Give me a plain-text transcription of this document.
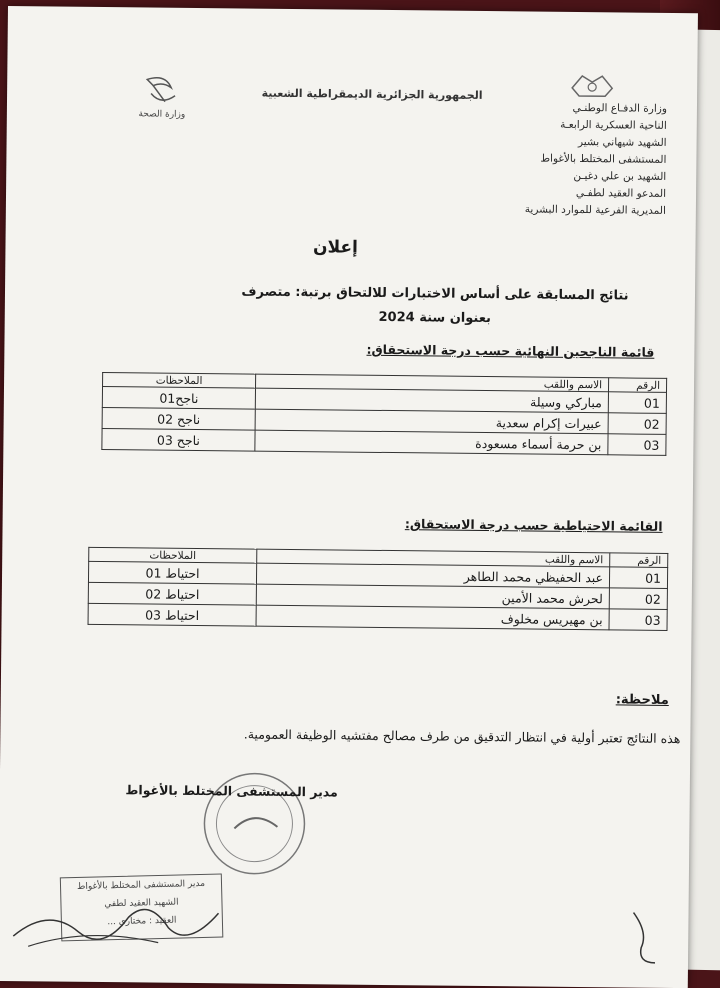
وزارة الدفـاع الوطنـي
الناحية العسكرية الرابعـة
الشهيد شيهاني بشير
المستشفى المختلط بالأغواط
الشهيد بن علي دغيـن
المدعو العقيد لطفـي
المديرية الفرعية للموارد البشرية
الجمهورية الجزائرية الديمقراطية الشعبية
وزارة الصحة
إعلان
نتائج المسابقة على أساس الاختبارات للالتحاق برتبة: متصرف
بعنوان سنة 2024
قائمة الناجحين النهائية حسب درجة الاستحقاق:
الرقم	الاسم واللقب	الملاحظات
01	مباركي وسيلة	ناجح01
02	عبيرات إكرام سعدية	ناجح 02
03	بن حرمة أسماء مسعودة	ناجح 03
القائمة الاحتياطية حسب درجة الاستحقاق:
الرقم	الاسم واللقب	الملاحظات
01	عبد الحفيظي محمد الطاهر	احتياط 01
02	لحرش محمد الأمين	احتياط 02
03	بن مهيريس مخلوف	احتياط 03
ملاحظة:
هذه النتائج تعتبر أولية في انتظار التدقيق من طرف مصالح مفتشيه الوظيفة العمومية.
مدير المستشفى المختلط بالأغواط
مدير المستشفى المختلط بالأغواط
الشهيد العقيد لطفي
العقيد : مختاري ...
